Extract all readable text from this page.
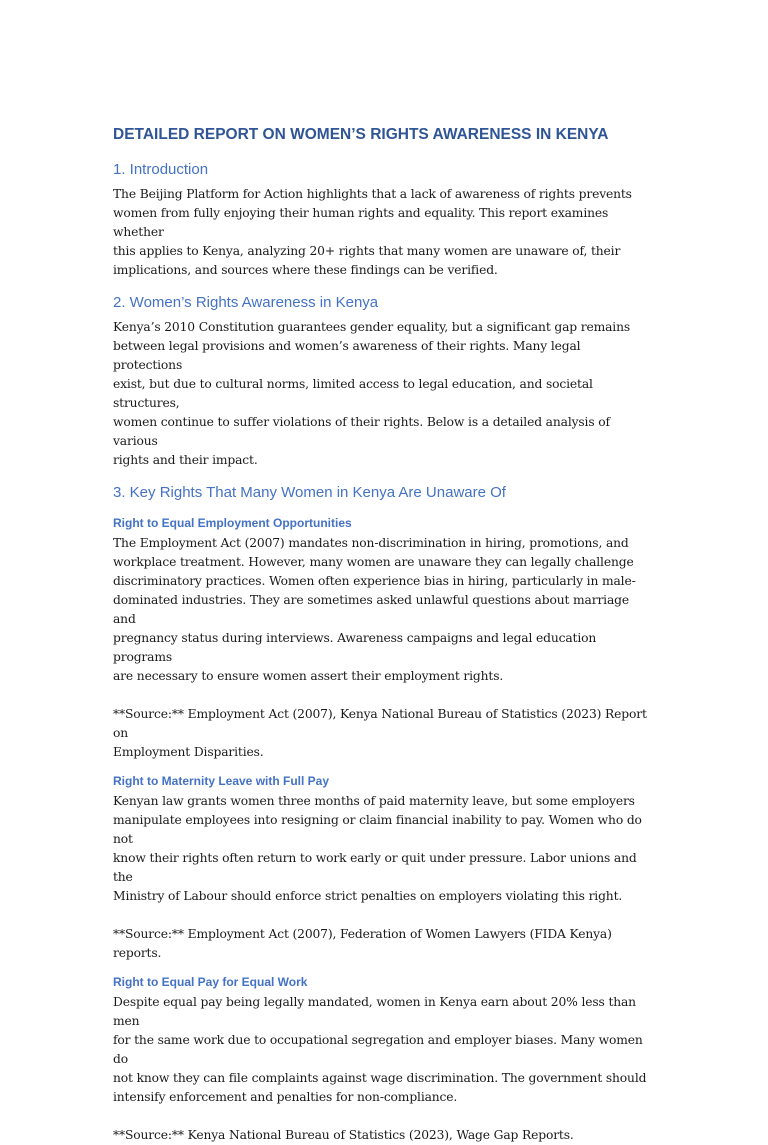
DETAILED REPORT ON WOMEN’S RIGHTS AWARENESS IN KENYA
1. Introduction

The Beijing Platform for Action highlights that a lack of awareness of rights prevents
women from fully enjoying their human rights and equality. This report examines whether
this applies to Kenya, analyzing 20+ rights that many women are unaware of, their
implications, and sources where these findings can be verified.

2. Women’s Rights Awareness in Kenya

Kenya’s 2010 Constitution guarantees gender equality, but a significant gap remains
between legal provisions and women’s awareness of their rights. Many legal protections
exist, but due to cultural norms, limited access to legal education, and societal structures,
women continue to suffer violations of their rights. Below is a detailed analysis of various
rights and their impact.

3. Key Rights That Many Women in Kenya Are Unaware Of
Right to Equal Employment Opportunities

The Employment Act (2007) mandates non-discrimination in hiring, promotions, and
workplace treatment. However, many women are unaware they can legally challenge
discriminatory practices. Women often experience bias in hiring, particularly in male-
dominated industries. They are sometimes asked unlawful questions about marriage and
pregnancy status during interviews. Awareness campaigns and legal education programs
are necessary to ensure women assert their employment rights.

**Source:** Employment Act (2007), Kenya National Bureau of Statistics (2023) Report on
Employment Disparities.

Right to Maternity Leave with Full Pay

Kenyan law grants women three months of paid maternity leave, but some employers
manipulate employees into resigning or claim financial inability to pay. Women who do not
know their rights often return to work early or quit under pressure. Labor unions and the
Ministry of Labour should enforce strict penalties on employers violating this right.

**Source:** Employment Act (2007), Federation of Women Lawyers (FIDA Kenya) reports.

Right to Equal Pay for Equal Work

Despite equal pay being legally mandated, women in Kenya earn about 20% less than men
for the same work due to occupational segregation and employer biases. Many women do
not know they can file complaints against wage discrimination. The government should
intensify enforcement and penalties for non-compliance.

**Source:** Kenya National Bureau of Statistics (2023), Wage Gap Reports.
